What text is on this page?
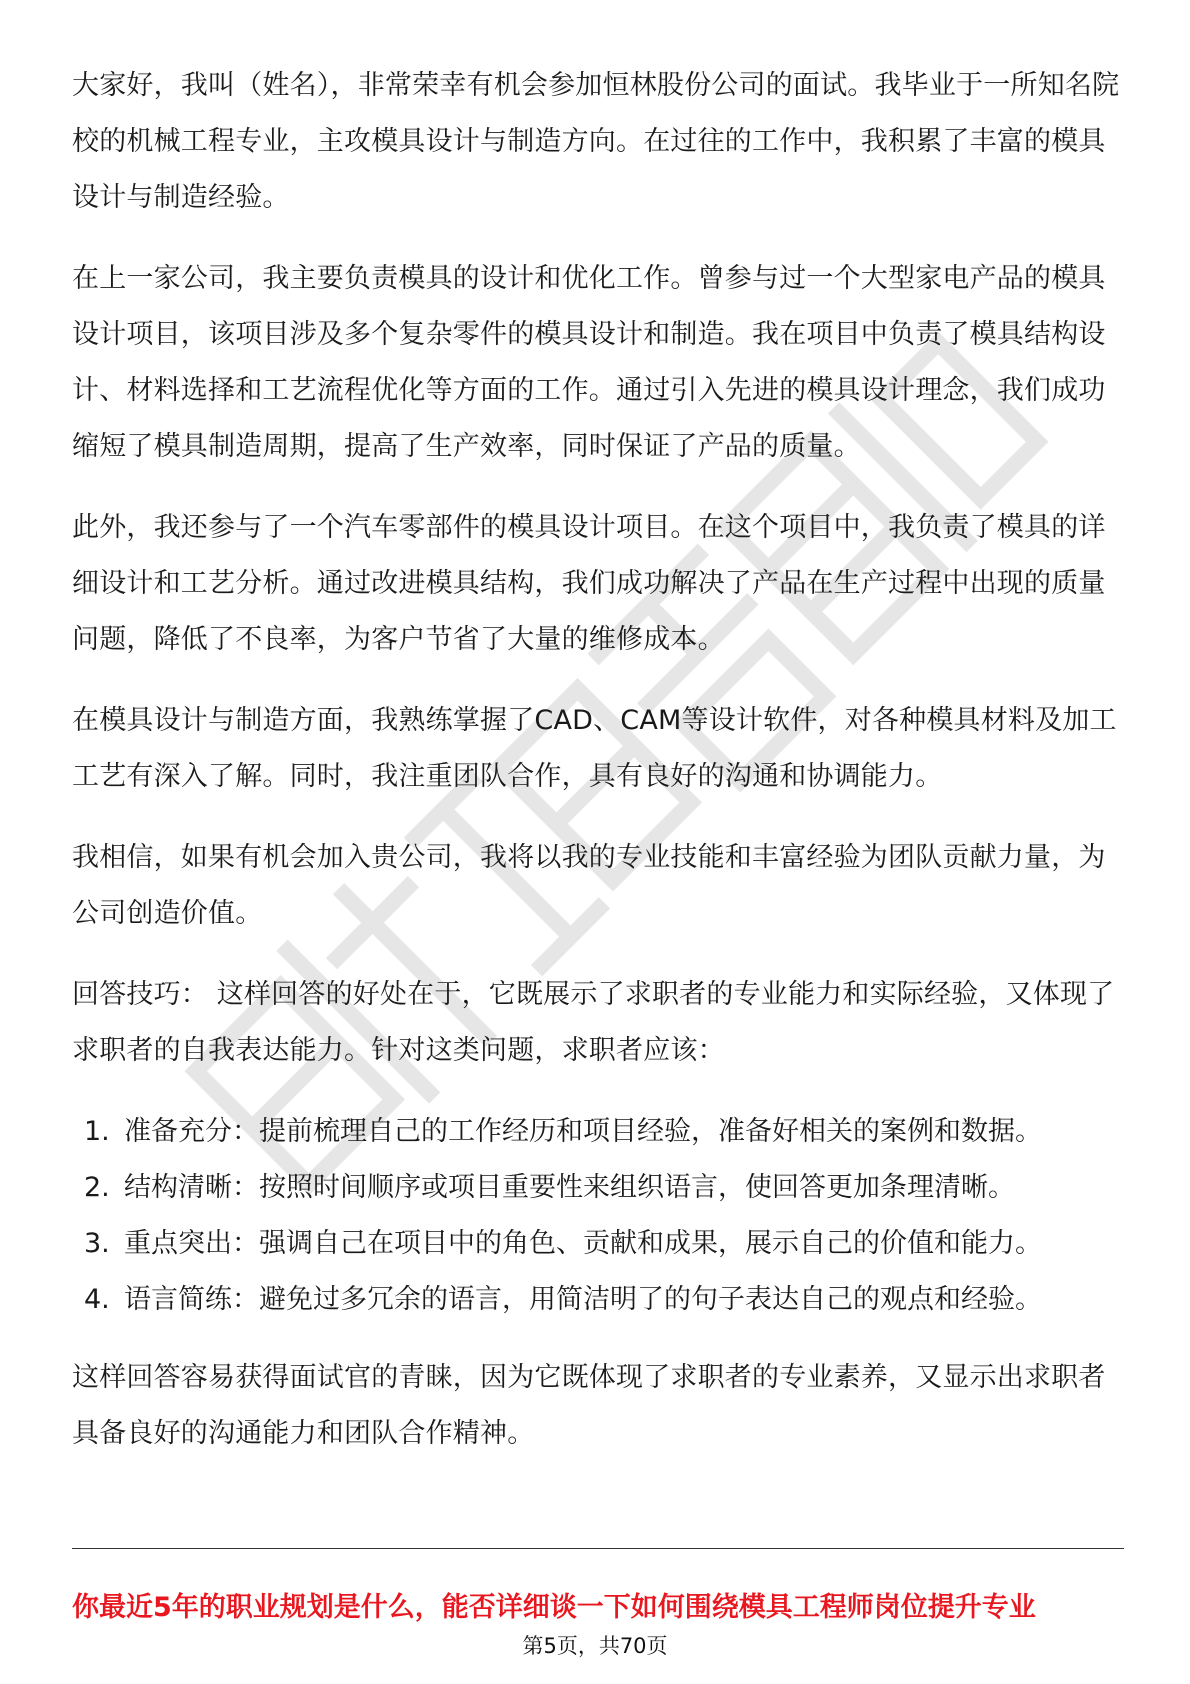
大家好，我叫（姓名），非常荣幸有机会参加恒林股份公司的面试。我毕业于一所知名院校的机械工程专业，主攻模具设计与制造方向。在过往的工作中，我积累了丰富的模具设计与制造经验。

在上一家公司，我主要负责模具的设计和优化工作。曾参与过一个大型家电产品的模具设计项目，该项目涉及多个复杂零件的模具设计和制造。我在项目中负责了模具结构设计、材料选择和工艺流程优化等方面的工作。通过引入先进的模具设计理念，我们成功缩短了模具制造周期，提高了生产效率，同时保证了产品的质量。

此外，我还参与了一个汽车零部件的模具设计项目。在这个项目中，我负责了模具的详细设计和工艺分析。通过改进模具结构，我们成功解决了产品在生产过程中出现的质量问题，降低了不良率，为客户节省了大量的维修成本。

在模具设计与制造方面，我熟练掌握了CAD、CAM等设计软件，对各种模具材料及加工工艺有深入了解。同时，我注重团队合作，具有良好的沟通和协调能力。

我相信，如果有机会加入贵公司，我将以我的专业技能和丰富经验为团队贡献力量，为公司创造价值。

回答技巧： 这样回答的好处在于，它既展示了求职者的专业能力和实际经验，又体现了求职者的自我表达能力。针对这类问题，求职者应该：

1. 准备充分：提前梳理自己的工作经历和项目经验，准备好相关的案例和数据。
2. 结构清晰：按照时间顺序或项目重要性来组织语言，使回答更加条理清晰。
3. 重点突出：强调自己在项目中的角色、贡献和成果，展示自己的价值和能力。
4. 语言简练：避免过多冗余的语言，用简洁明了的句子表达自己的观点和经验。

这样回答容易获得面试官的青睐，因为它既体现了求职者的专业素养，又显示出求职者具备良好的沟通能力和团队合作精神。

你最近5年的职业规划是什么，能否详细谈一下如何围绕模具工程师岗位提升专业
第5页，共70页
